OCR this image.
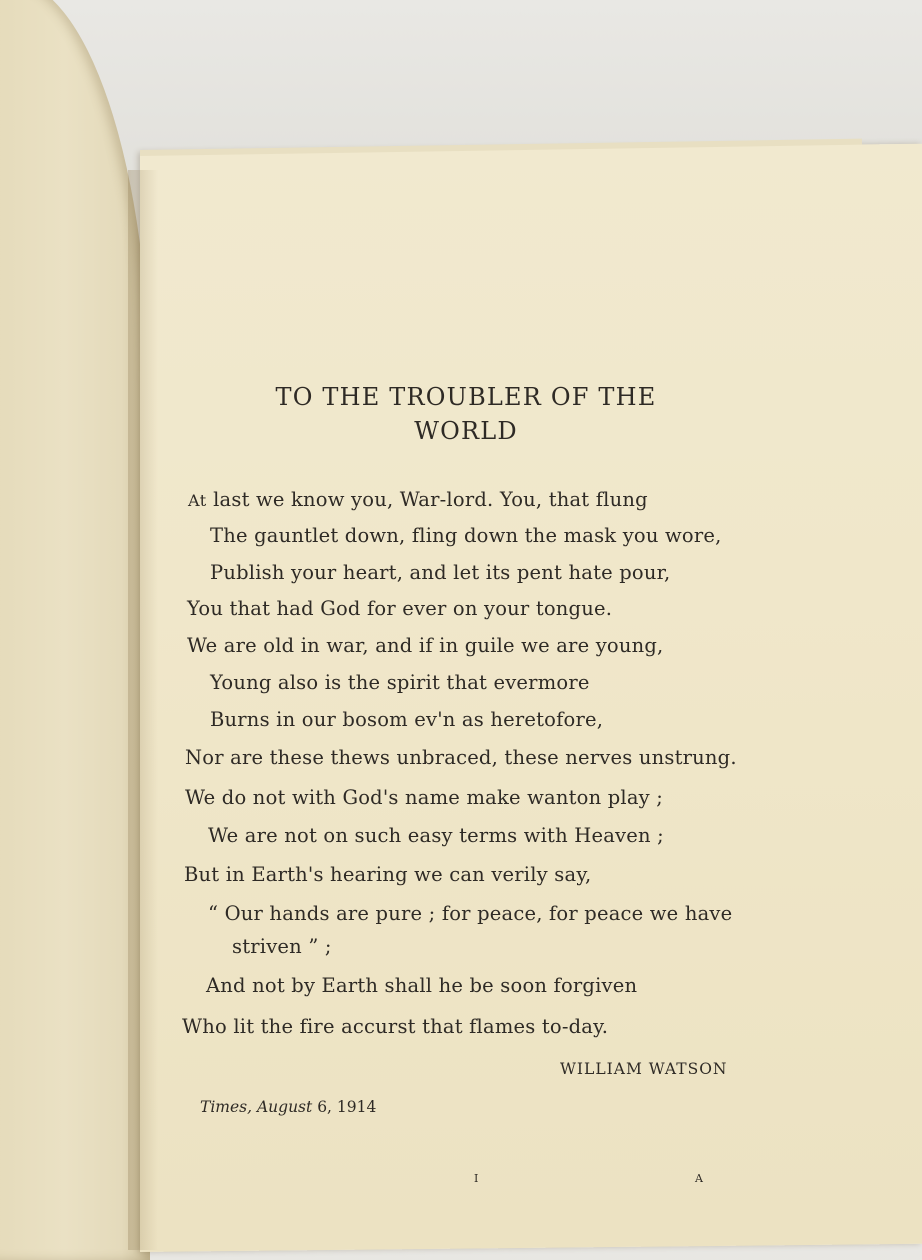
TO THE TROUBLER OF THE
WORLD
At last we know you, War-lord. You, that flung
The gauntlet down, fling down the mask you wore,
Publish your heart, and let its pent hate pour,
You that had God for ever on your tongue.
We are old in war, and if in guile we are young,
Young also is the spirit that evermore
Burns in our bosom ev'n as heretofore,
Nor are these thews unbraced, these nerves unstrung.
We do not with God's name make wanton play ;
We are not on such easy terms with Heaven ;
But in Earth's hearing we can verily say,
“ Our hands are pure ; for peace, for peace we have
striven ” ;
And not by Earth shall he be soon forgiven
Who lit the fire accurst that flames to-day.
WILLIAM WATSON
Times, August 6, 1914
I	A
